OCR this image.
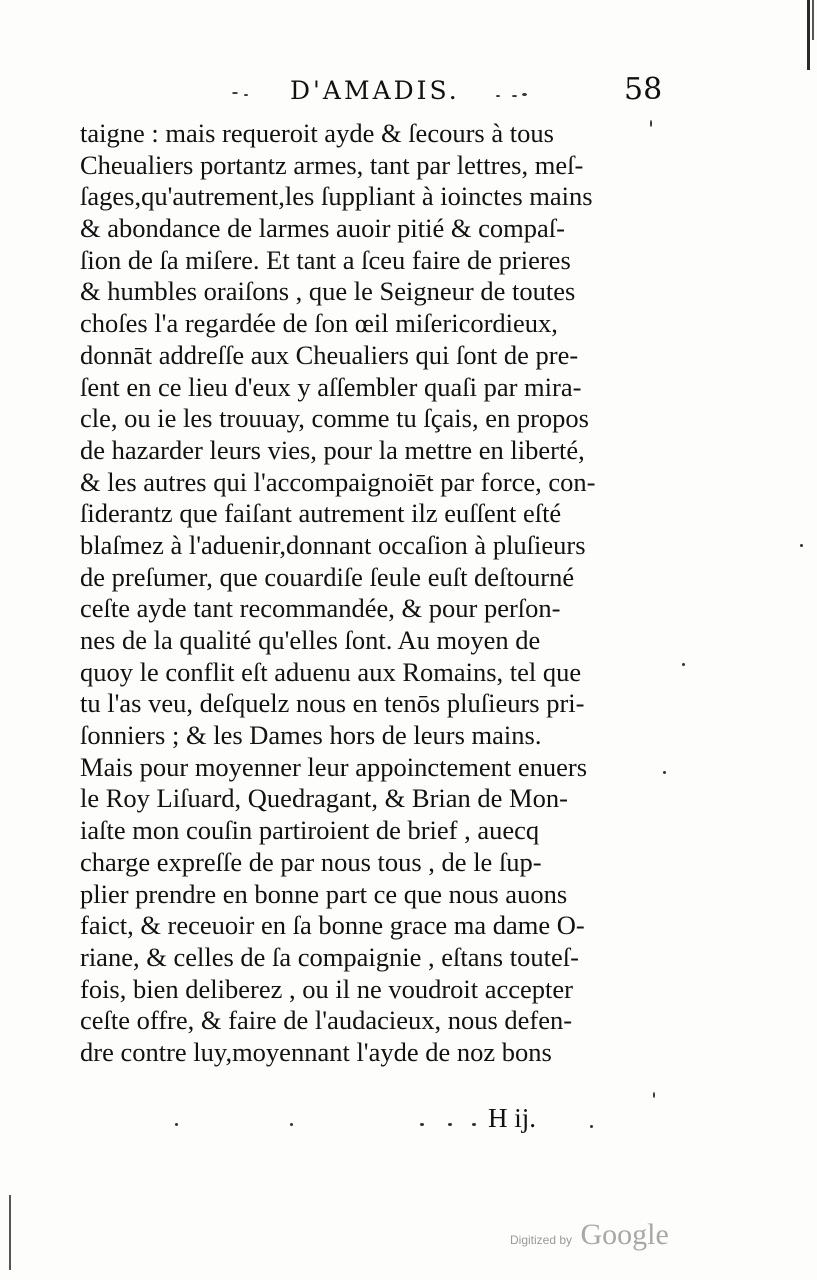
D'AMADIS.	58
taigne : mais requeroit ayde & ſecours à tous
Cheualiers portantz armes, tant par lettres, meſ-
ſages,qu'autrement,les ſuppliant à ioinctes mains
& abondance de larmes auoir pitié & compaſ-
ſion de ſa miſere. Et tant a ſceu faire de prieres
& humbles oraiſons , que le Seigneur de toutes
choſes l'a regardée de ſon œil miſericordieux,
donnāt addreſſe aux Cheualiers qui ſont de pre-
ſent en ce lieu d'eux y aſſembler quaſi par mira-
cle, ou ie les trouuay, comme tu ſçais, en propos
de hazarder leurs vies, pour la mettre en liberté,
& les autres qui l'accompaignoiēt par force, con-
ſiderantz que faiſant autrement ilz euſſent eſté
blaſmez à l'aduenir,donnant occaſion à pluſieurs
de preſumer, que couardiſe ſeule euſt deſtourné
ceſte ayde tant recommandée, & pour perſon-
nes de la qualité qu'elles ſont. Au moyen de
quoy le conflit eſt aduenu aux Romains, tel que
tu l'as veu, deſquelz nous en tenōs pluſieurs pri-
ſonniers ; & les Dames hors de leurs mains.
Mais pour moyenner leur appoinctement enuers
le Roy Liſuard, Quedragant, & Brian de Mon-
iaſte mon couſin partiroient de brief , auecq
charge expreſſe de par nous tous , de le ſup-
plier prendre en bonne part ce que nous auons
faict, & receuoir en ſa bonne grace ma dame O-
riane, & celles de ſa compaignie , eſtans touteſ-
fois, bien deliberez , ou il ne voudroit accepter
ceſte offre, & faire de l'audacieux, nous defen-
dre contre luy,moyennant l'ayde de noz bons
H ij.
Digitized by Google
